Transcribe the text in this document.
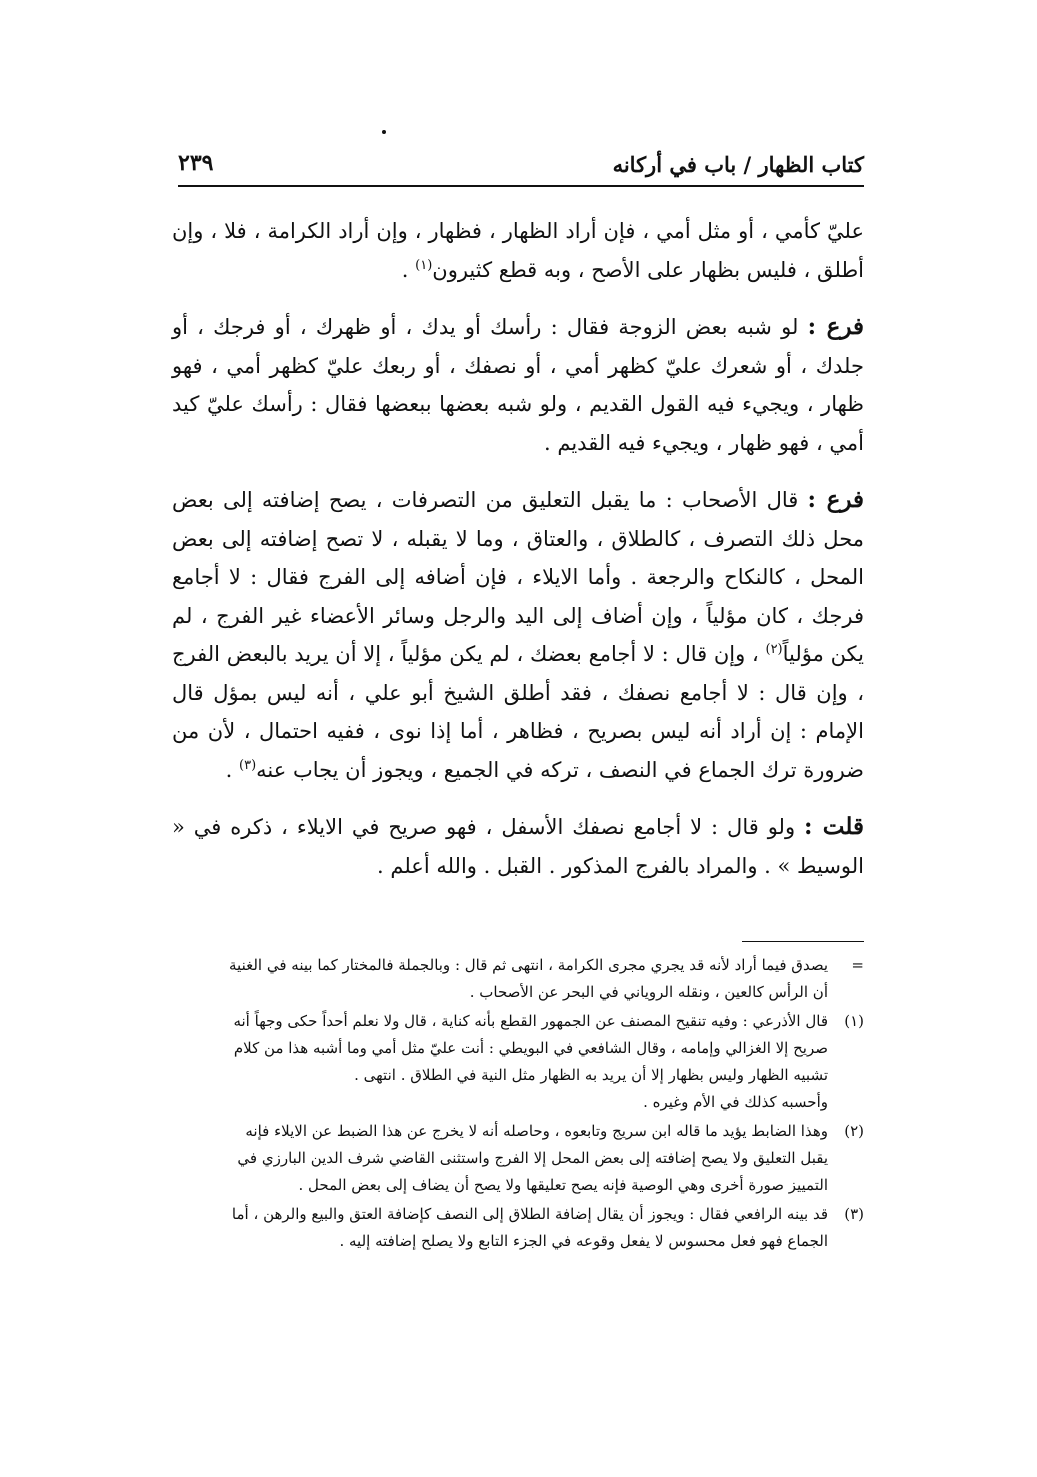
كتاب الظهار / باب في أركانه
٢٣٩

عليّ كأمي ، أو مثل أمي ، فإن أراد الظهار ، فظهار ، وإن أراد الكرامة ، فلا ، وإن أطلق ، فليس بظهار على الأصح ، وبه قطع كثيرون$^{(١)}$ .

فرع : لو شبه بعض الزوجة فقال : رأسك أو يدك ، أو ظهرك ، أو فرجك ، أو جلدك ، أو شعرك عليّ كظهر أمي ، أو نصفك ، أو ربعك عليّ كظهر أمي ، فهو ظهار ، ويجيء فيه القول القديم ، ولو شبه بعضها ببعضها فقال : رأسك عليّ كيد أمي ، فهو ظهار ، ويجيء فيه القديم .

فرع : قال الأصحاب : ما يقبل التعليق من التصرفات ، يصح إضافته إلى بعض محل ذلك التصرف ، كالطلاق ، والعتاق ، وما لا يقبله ، لا تصح إضافته إلى بعض المحل ، كالنكاح والرجعة . وأما الايلاء ، فإن أضافه إلى الفرج فقال : لا أجامع فرجك ، كان مؤلياً ، وإن أضاف إلى اليد والرجل وسائر الأعضاء غير الفرج ، لم يكن مؤلياً$^{(٢)}$ ، وإن قال : لا أجامع بعضك ، لم يكن مؤلياً ، إلا أن يريد بالبعض الفرج ، وإن قال : لا أجامع نصفك ، فقد أطلق الشيخ أبو علي ، أنه ليس بمؤل قال الإمام : إن أراد أنه ليس بصريح ، فظاهر ، أما إذا نوى ، ففيه احتمال ، لأن من ضرورة ترك الجماع في النصف ، تركه في الجميع ، ويجوز أن يجاب عنه$^{(٣)}$ .

قلت : ولو قال : لا أجامع نصفك الأسفل ، فهو صريح في الايلاء ، ذكره في « الوسيط » . والمراد بالفرج المذكور . القبل . والله أعلم .

=
يصدق فيما أراد لأنه قد يجري مجرى الكرامة ، انتهى ثم قال : وبالجملة فالمختار كما بينه في الغنية
أن الرأس كالعين ، ونقله الروياني في البحر عن الأصحاب .
(١)
قال الأذرعي : وفيه تنقيح المصنف عن الجمهور القطع بأنه كناية ، قال ولا نعلم أحداً حكى وجهاً أنه
صريح إلا الغزالي وإمامه ، وقال الشافعي في البويطي : أنت عليّ مثل أمي وما أشبه هذا من كلام
تشبيه الظهار وليس بظهار إلا أن يريد به الظهار مثل النية في الطلاق . انتهى .
وأحسبه كذلك في الأم وغيره .
(٢)
وهذا الضابط يؤيد ما قاله ابن سريج وتابعوه ، وحاصله أنه لا يخرج عن هذا الضبط عن الايلاء فإنه
يقبل التعليق ولا يصح إضافته إلى بعض المحل إلا الفرج واستثنى القاضي شرف الدين البارزي في
التمييز صورة أخرى وهي الوصية فإنه يصح تعليقها ولا يصح أن يضاف إلى بعض المحل .
(٣)
قد بينه الرافعي فقال : ويجوز أن يقال إضافة الطلاق إلى النصف كإضافة العتق والبيع والرهن ، أما
الجماع فهو فعل محسوس لا يفعل وقوعه في الجزء التابع ولا يصلح إضافته إليه .
